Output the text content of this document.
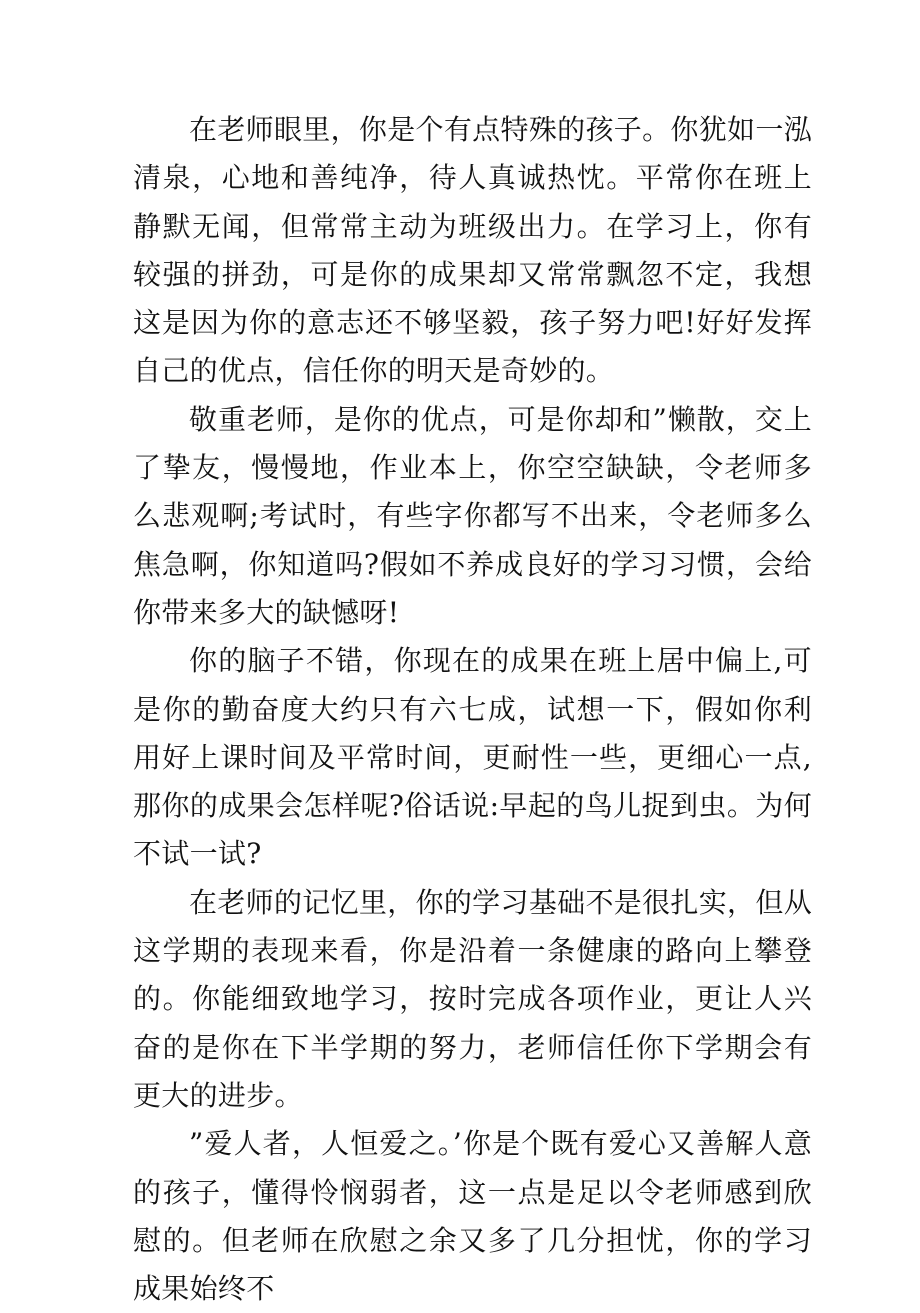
在老师眼里，你是个有点特殊的孩子。你犹如一泓清泉，心地和善纯净，待人真诚热忱。平常你在班上静默无闻，但常常主动为班级出力。在学习上，你有较强的拼劲，可是你的成果却又常常飘忽不定，我想这是因为你的意志还不够坚毅，孩子努力吧!好好发挥自己的优点，信任你的明天是奇妙的。

敬重老师，是你的优点，可是你却和”懒散，交上了挚友，慢慢地，作业本上，你空空缺缺，令老师多么悲观啊;考试时，有些字你都写不出来，令老师多么焦急啊，你知道吗?假如不养成良好的学习习惯，会给你带来多大的缺憾呀!

你的脑子不错，你现在的成果在班上居中偏上,可是你的勤奋度大约只有六七成，试想一下，假如你利用好上课时间及平常时间，更耐性一些，更细心一点,那你的成果会怎样呢?俗话说:早起的鸟儿捉到虫。为何不试一试?

在老师的记忆里，你的学习基础不是很扎实，但从这学期的表现来看，你是沿着一条健康的路向上攀登的。你能细致地学习，按时完成各项作业，更让人兴奋的是你在下半学期的努力，老师信任你下学期会有更大的进步。

”爱人者，人恒爱之。’你是个既有爱心又善解人意的孩子，懂得怜悯弱者，这一点是足以令老师感到欣慰的。但老师在欣慰之余又多了几分担忧，你的学习成果始终不
